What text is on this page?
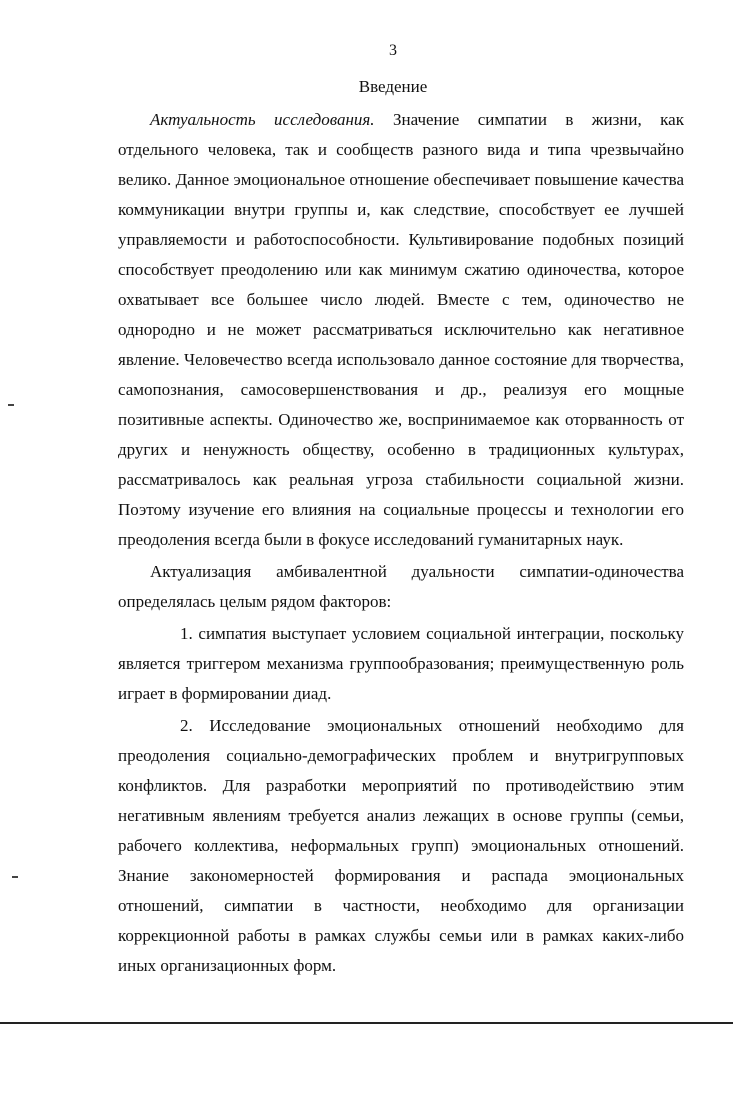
3
Введение
Актуальность исследования. Значение симпатии в жизни, как
отдельного человека, так и сообществ разного вида и типа чрезвычайно
велико. Данное эмоциональное отношение обеспечивает повышение качества
коммуникации внутри группы и, как следствие, способствует ее лучшей
управляемости и работоспособности. Культивирование подобных позиций
способствует преодолению или как минимум сжатию одиночества, которое
охватывает все большее число людей. Вместе с тем, одиночество не
однородно и не может рассматриваться исключительно как негативное
явление. Человечество всегда использовало данное состояние для творчества,
самопознания, самосовершенствования и др., реализуя его мощные
позитивные аспекты. Одиночество же, воспринимаемое как оторванность от
других и ненужность обществу, особенно в традиционных культурах,
рассматривалось как реальная угроза стабильности социальной жизни.
Поэтому изучение его влияния на социальные процессы и технологии его
преодоления всегда были в фокусе исследований гуманитарных наук.
Актуализация амбивалентной дуальности симпатии-одиночества
определялась целым рядом факторов:
1. симпатия выступает условием социальной интеграции, поскольку
является триггером механизма группообразования; преимущественную роль
играет в формировании диад.
2. Исследование эмоциональных отношений необходимо для
преодоления социально-демографических проблем и внутригрупповых
конфликтов. Для разработки мероприятий по противодействию этим
негативным явлениям требуется анализ лежащих в основе группы (семьи,
рабочего коллектива, неформальных групп) эмоциональных отношений.
Знание закономерностей формирования и распада эмоциональных
отношений, симпатии в частности, необходимо для организации
коррекционной работы в рамках службы семьи или в рамках каких-либо
иных организационных форм.
